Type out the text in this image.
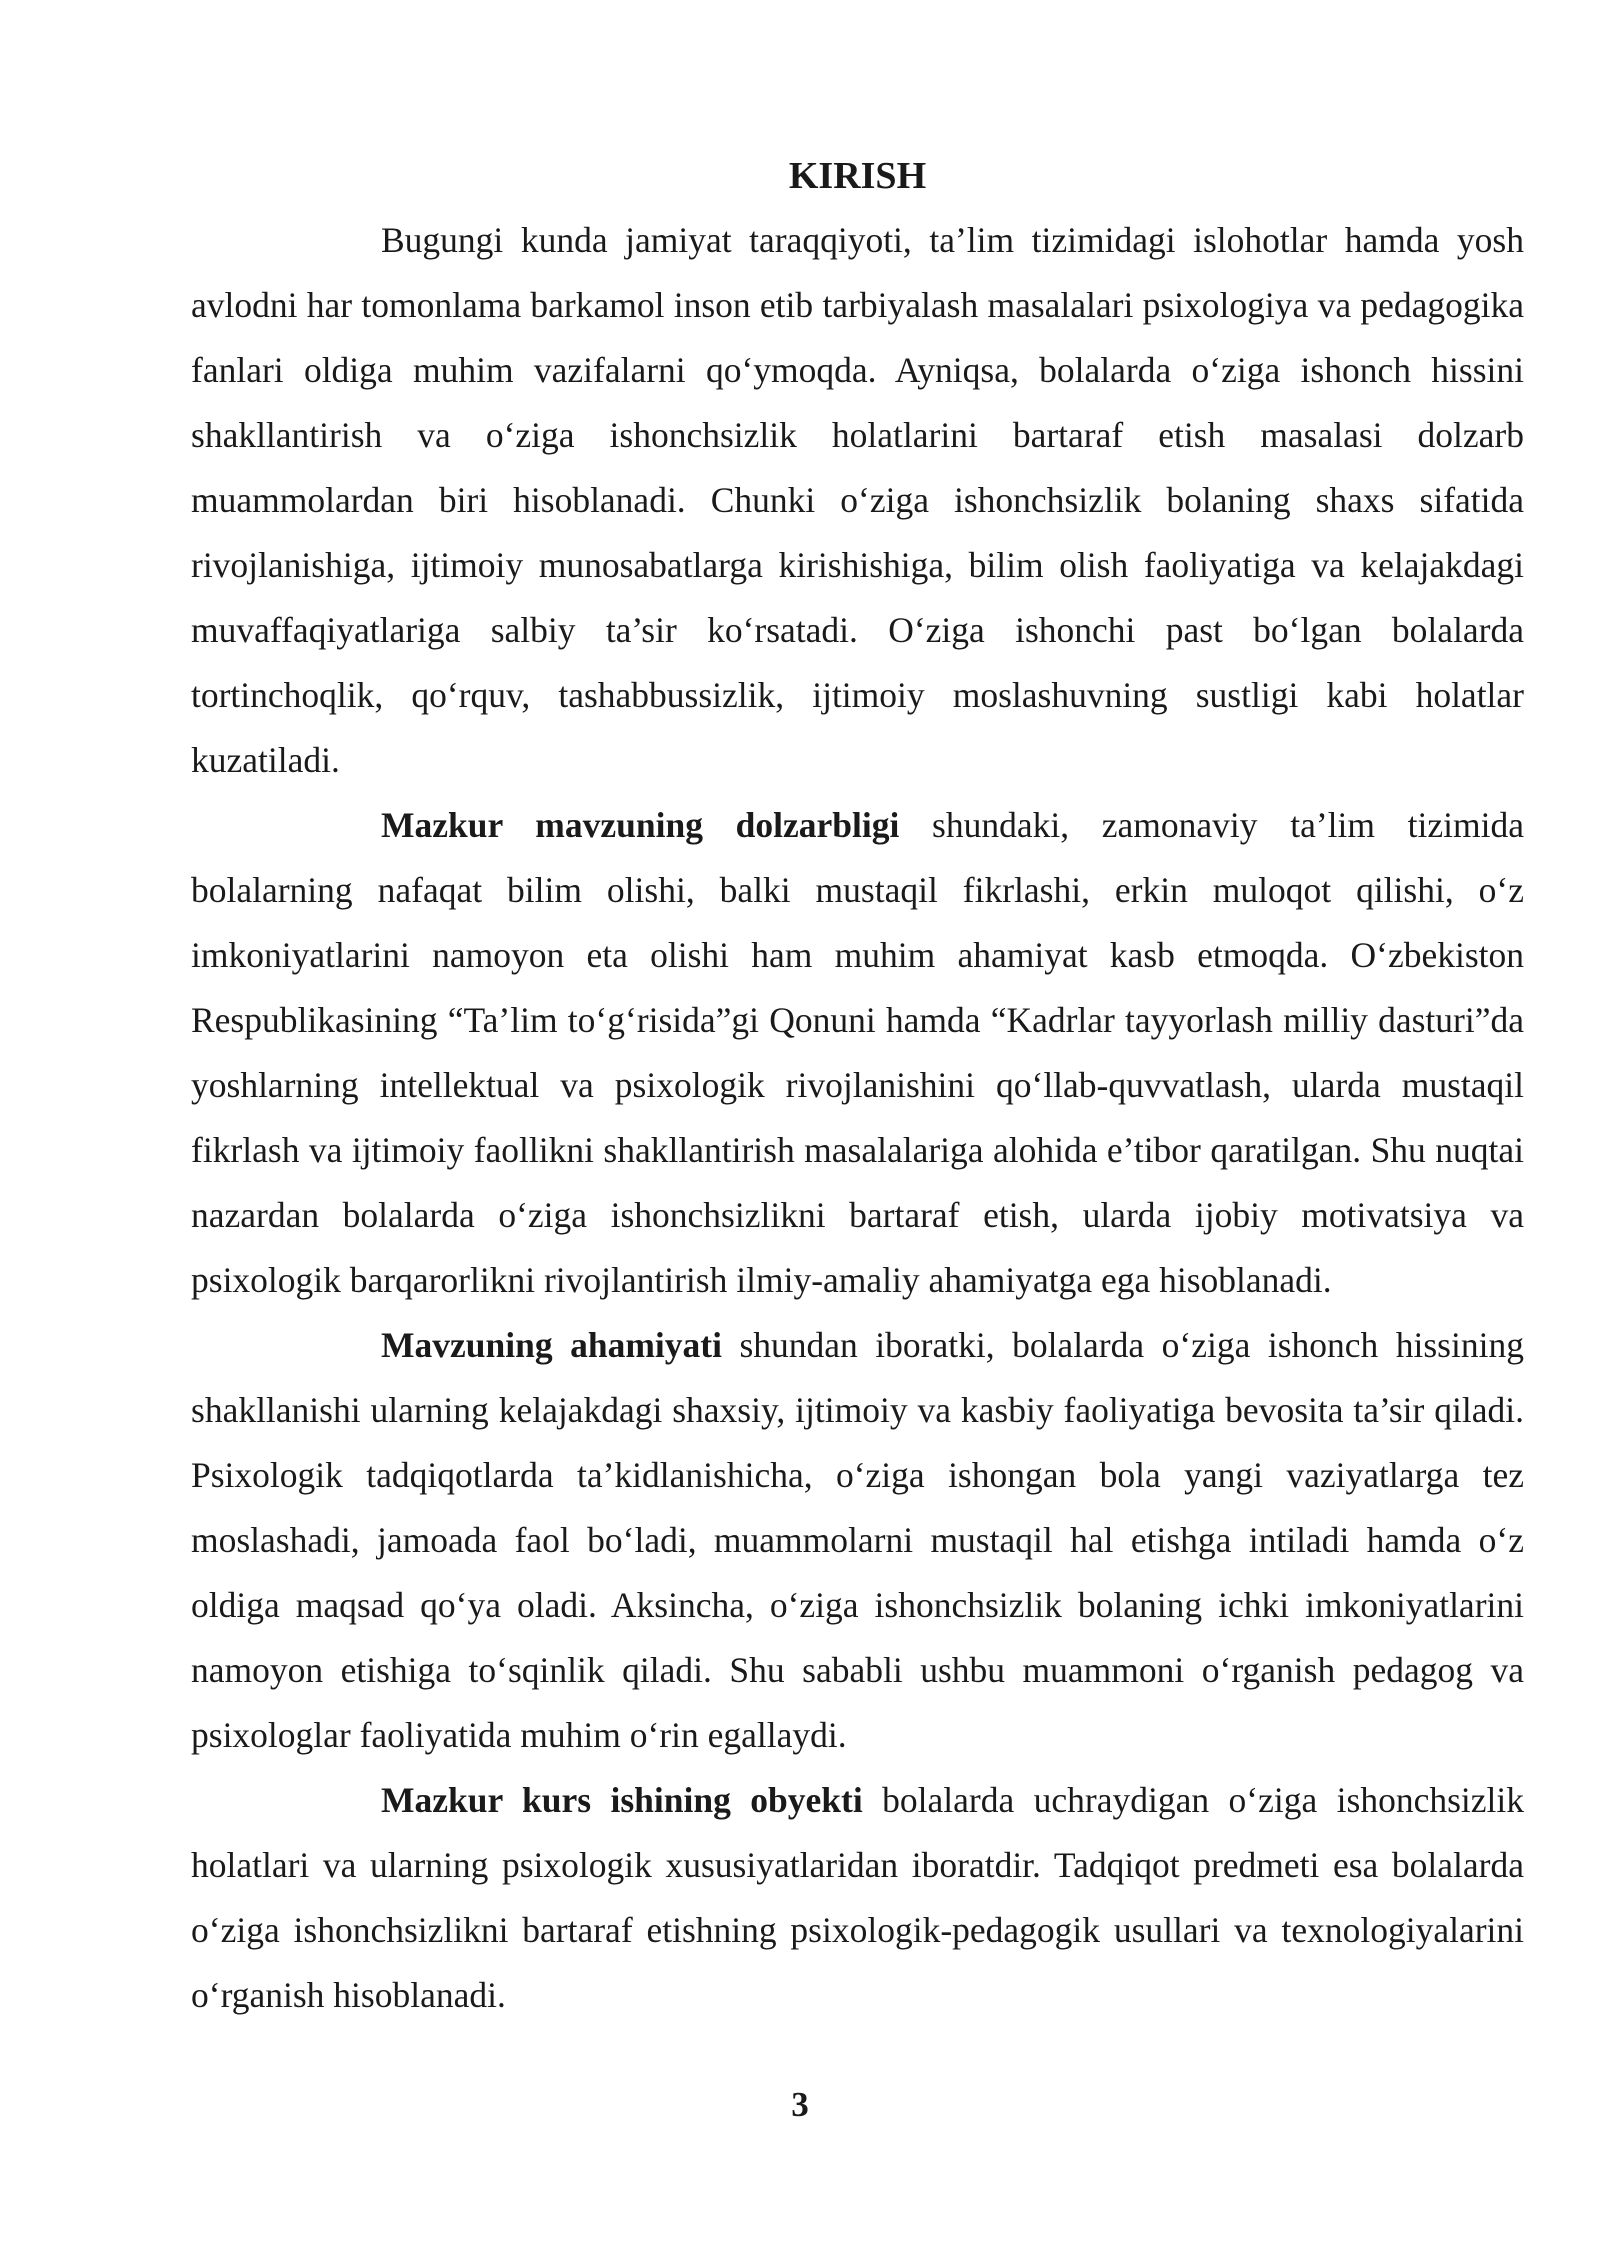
KIRISH

Bugungi kunda jamiyat taraqqiyoti, ta’lim tizimidagi islohotlar hamda yosh avlodni har tomonlama barkamol inson etib tarbiyalash masalalari psixologiya va pedagogika fanlari oldiga muhim vazifalarni qo‘ymoqda. Ayniqsa, bolalarda o‘ziga ishonch hissini shakllantirish va o‘ziga ishonchsizlik holatlarini bartaraf etish masalasi dolzarb muammolardan biri hisoblanadi. Chunki o‘ziga ishonchsizlik bolaning shaxs sifatida rivojlanishiga, ijtimoiy munosabatlarga kirishishiga, bilim olish faoliyatiga va kelajakdagi muvaffaqiyatlariga salbiy ta’sir ko‘rsatadi. O‘ziga ishonchi past bo‘lgan bolalarda tortinchoqlik, qo‘rquv, tashabbussizlik, ijtimoiy moslashuvning sustligi kabi holatlar kuzatiladi.

Mazkur mavzuning dolzarbligi shundaki, zamonaviy ta’lim tizimida bolalarning nafaqat bilim olishi, balki mustaqil fikrlashi, erkin muloqot qilishi, o‘z imkoniyatlarini namoyon eta olishi ham muhim ahamiyat kasb etmoqda. O‘zbekiston Respublikasining “Ta’lim to‘g‘risida”gi Qonuni hamda “Kadrlar tayyorlash milliy dasturi”da yoshlarning intellektual va psixologik rivojlanishini qo‘llab-quvvatlash, ularda mustaqil fikrlash va ijtimoiy faollikni shakllantirish masalalariga alohida e’tibor qaratilgan. Shu nuqtai nazardan bolalarda o‘ziga ishonchsizlikni bartaraf etish, ularda ijobiy motivatsiya va psixologik barqarorlikni rivojlantirish ilmiy-amaliy ahamiyatga ega hisoblanadi.

Mavzuning ahamiyati shundan iboratki, bolalarda o‘ziga ishonch hissining shakllanishi ularning kelajakdagi shaxsiy, ijtimoiy va kasbiy faoliyatiga bevosita ta’sir qiladi. Psixologik tadqiqotlarda ta’kidlanishicha, o‘ziga ishongan bola yangi vaziyatlarga tez moslashadi, jamoada faol bo‘ladi, muammolarni mustaqil hal etishga intiladi hamda o‘z oldiga maqsad qo‘ya oladi. Aksincha, o‘ziga ishonchsizlik bolaning ichki imkoniyatlarini namoyon etishiga to‘sqinlik qiladi. Shu sababli ushbu muammoni o‘rganish pedagog va psixologlar faoliyatida muhim o‘rin egallaydi.

Mazkur kurs ishining obyekti bolalarda uchraydigan o‘ziga ishonchsizlik holatlari va ularning psixologik xususiyatlaridan iboratdir. Tadqiqot predmeti esa bolalarda o‘ziga ishonchsizlikni bartaraf etishning psixologik-pedagogik usullari va texnologiyalarini o‘rganish hisoblanadi.

3
